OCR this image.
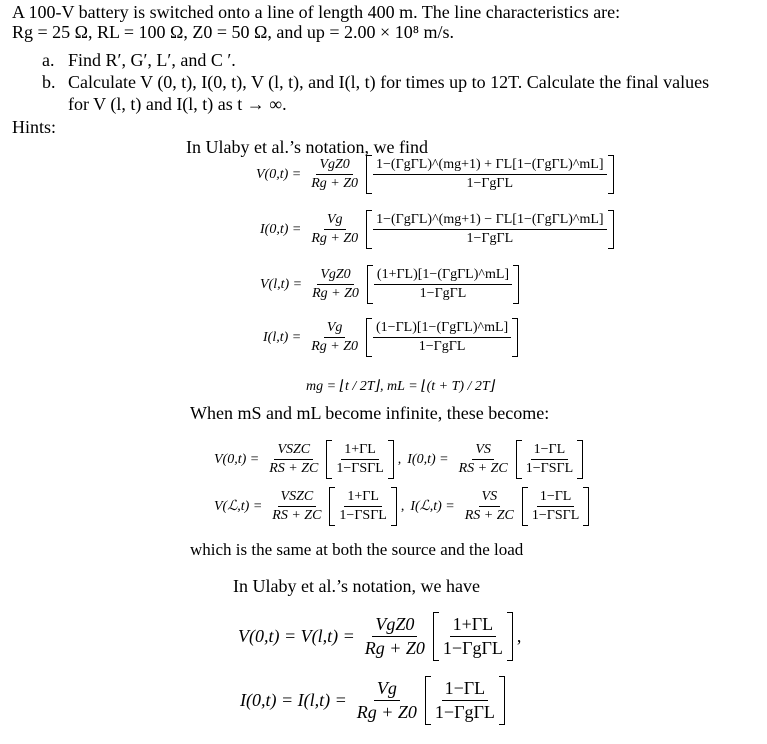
A 100-V battery is switched onto a line of length 400 m. The line characteristics are:
Rg = 25 Ω, RL = 100 Ω, Z0 = 50 Ω, and up = 2.00 × 10⁸ m/s.
a. Find R′, G′, L′, and C ′.
b. Calculate V (0, t), I(0, t), V (l, t), and I(l, t) for times up to 12T. Calculate the final values
for V (l, t) and I(l, t) as t → ∞.
Hints:
In Ulaby et al.’s notation, we find
$V(0,t) = \frac{\text{VgZ0}}{Rg + Z0} \frac{\text{1−(ΓgΓL)\textasciicircum{}(mg+1) + ΓL[1−(ΓgΓL)\textasciicircum{}mL]}}{\text{1−ΓgΓL}}$
$I(0,t) = \frac{Vg}{Rg + Z0} \frac{\text{1−(ΓgΓL)\textasciicircum{}(mg+1) − ΓL[1−(ΓgΓL)\textasciicircum{}mL]}}{\text{1−ΓgΓL}}$
$V(l,t) = \frac{\text{VgZ0}}{Rg + Z0} \frac{\text{(1+ΓL)[1−(ΓgΓL)\textasciicircum{}mL]}}{\text{1−ΓgΓL}}$
$I(l,t) = \frac{Vg}{Rg + Z0} \frac{\text{(1−ΓL)[1−(ΓgΓL)\textasciicircum{}mL]}}{\text{1−ΓgΓL}}$
mg = ⌊t / 2T⌋, mL = ⌊(t + T) / 2T⌋
When mS and mL become infinite, these become:
$V(0,t) = \frac{\text{VSZC}}{RS + ZC} \frac{1+\Gamma L}{\text{1−ΓSΓL}}$ , $I(0,t) = \frac{VS}{RS + ZC} \frac{1-\Gamma L}{\text{1−ΓSΓL}}$
V(ℒ,t) = $\frac{\text{VSZC}}{RS + ZC} \frac{1+\Gamma L}{\text{1−ΓSΓL}}$ , I(ℒ,t) = $\frac{VS}{RS + ZC} \frac{1-\Gamma L}{\text{1−ΓSΓL}}$
which is the same at both the source and the load
In Ulaby et al.’s notation, we have
$V(0,t) = V(l,t) = \frac{\text{VgZ0}}{Rg + Z0} \frac{1+\Gamma L}{\text{1−ΓgΓL}}$ ,
$I(0,t) = I(l,t) = \frac{Vg}{Rg + Z0} \frac{1-\Gamma L}{\text{1−ΓgΓL}}$
